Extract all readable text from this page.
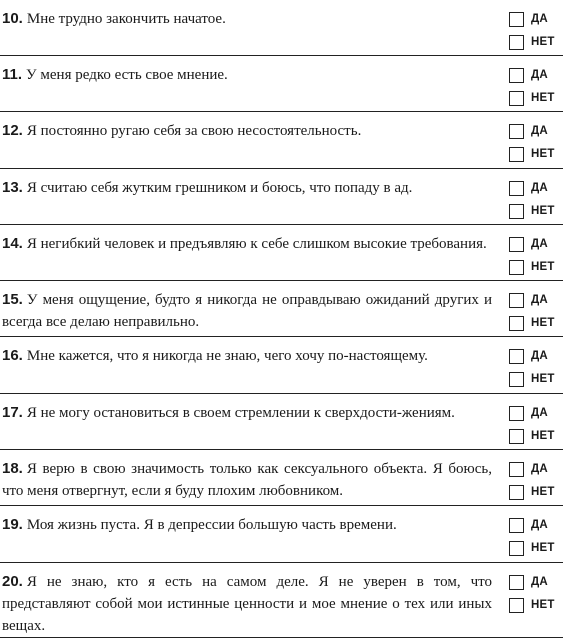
10. Мне трудно закончить начатое.	ДА
НЕТ
11. У меня редко есть свое мнение.	ДА
НЕТ
12. Я постоянно ругаю себя за свою несостоятельность.	ДА
НЕТ
13. Я считаю себя жутким грешником и боюсь, что попаду в ад.	ДА
НЕТ
14. Я негибкий человек и предъявляю к себе слишком высокие требования.	ДА
НЕТ
15. У меня ощущение, будто я никогда не оправдываю ожиданий других и всегда все делаю неправильно.
ДА
НЕТ
16. Мне кажется, что я никогда не знаю, чего хочу по-настоящему.	ДА
НЕТ
17. Я не могу остановиться в своем стремлении к сверхдости-жениям.	ДА
НЕТ
18. Я верю в свою значимость только как сексуального объекта. Я боюсь, что меня отвергнут, если я буду плохим любовником.
ДА
НЕТ
19. Моя жизнь пуста. Я в депрессии большую часть времени.	ДА
НЕТ
20. Я не знаю, кто я есть на самом деле. Я не уверен в том, что представляют собой мои истинные ценности и мое мнение о тех или иных вещах.
ДА
НЕТ
